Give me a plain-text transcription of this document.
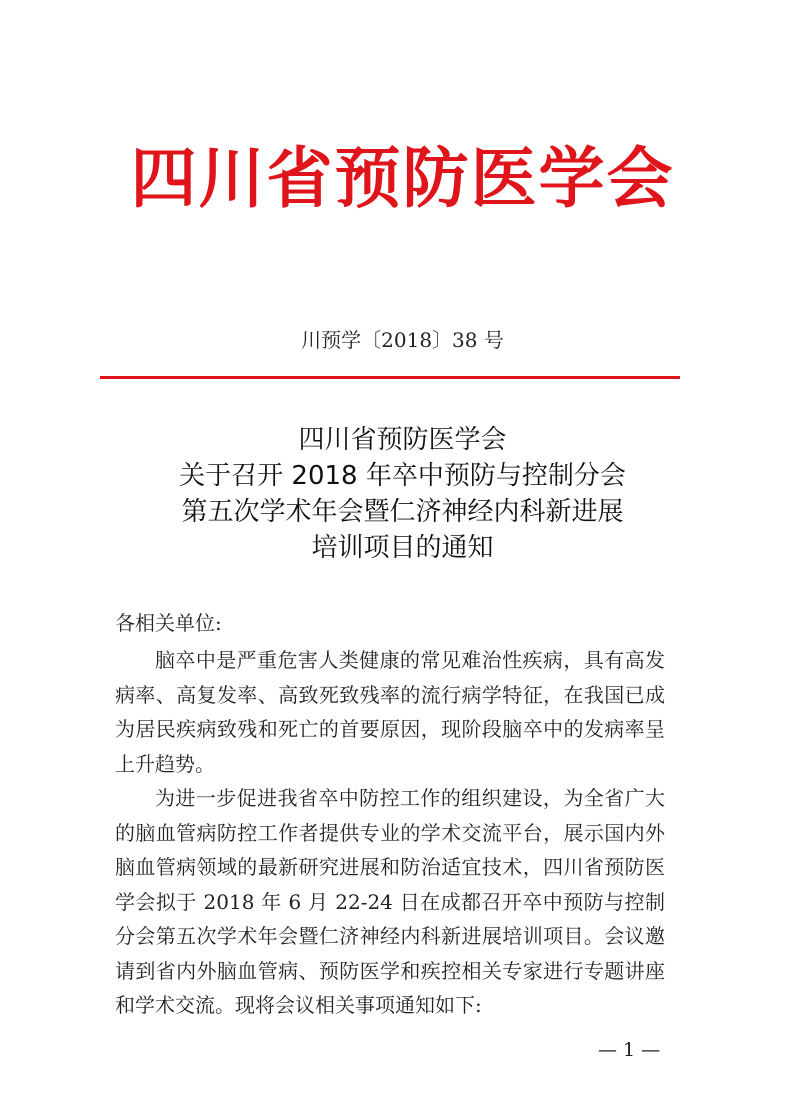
四川省预防医学会
川预学〔2018〕38 号
四川省预防医学会
关于召开 2018 年卒中预防与控制分会
第五次学术年会暨仁济神经内科新进展
培训项目的通知
各相关单位:

脑卒中是严重危害人类健康的常见难治性疾病，具有高发病率、高复发率、高致死致残率的流行病学特征，在我国已成为居民疾病致残和死亡的首要原因，现阶段脑卒中的发病率呈上升趋势。

为进一步促进我省卒中防控工作的组织建设，为全省广大的脑血管病防控工作者提供专业的学术交流平台，展示国内外脑血管病领域的最新研究进展和防治适宜技术，四川省预防医学会拟于 2018 年 6 月 22-24 日在成都召开卒中预防与控制分会第五次学术年会暨仁济神经内科新进展培训项目。会议邀请到省内外脑血管病、预防医学和疾控相关专家进行专题讲座和学术交流。现将会议相关事项通知如下:

— 1 —
